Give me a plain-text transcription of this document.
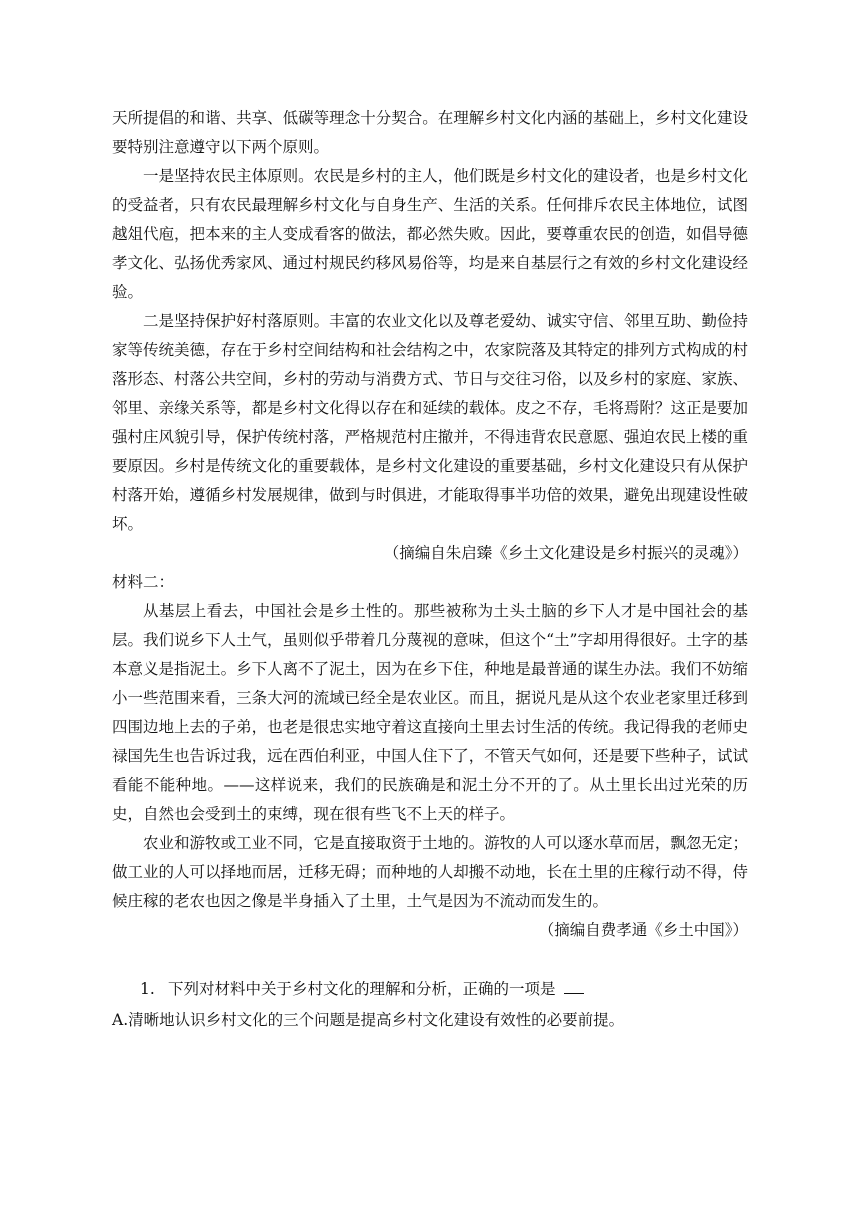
天所提倡的和谐、共享、低碳等理念十分契合。在理解乡村文化内涵的基础上，乡村文化建设要特别注意遵守以下两个原则。

一是坚持农民主体原则。农民是乡村的主人，他们既是乡村文化的建设者，也是乡村文化的受益者，只有农民最理解乡村文化与自身生产、生活的关系。任何排斥农民主体地位，试图越俎代庖，把本来的主人变成看客的做法，都必然失败。因此，要尊重农民的创造，如倡导德孝文化、弘扬优秀家风、通过村规民约移风易俗等，均是来自基层行之有效的乡村文化建设经验。

二是坚持保护好村落原则。丰富的农业文化以及尊老爱幼、诚实守信、邻里互助、勤俭持家等传统美德，存在于乡村空间结构和社会结构之中，农家院落及其特定的排列方式构成的村落形态、村落公共空间，乡村的劳动与消费方式、节日与交往习俗，以及乡村的家庭、家族、邻里、亲缘关系等，都是乡村文化得以存在和延续的载体。皮之不存，毛将焉附？这正是要加强村庄风貌引导，保护传统村落，严格规范村庄撤并，不得违背农民意愿、强迫农民上楼的重要原因。乡村是传统文化的重要载体，是乡村文化建设的重要基础，乡村文化建设只有从保护村落开始，遵循乡村发展规律，做到与时俱进，才能取得事半功倍的效果，避免出现建设性破坏。

（摘编自朱启臻《乡土文化建设是乡村振兴的灵魂》）

材料二：

从基层上看去，中国社会是乡土性的。那些被称为土头土脑的乡下人才是中国社会的基层。我们说乡下人土气，虽则似乎带着几分蔑视的意味，但这个“土”字却用得很好。土字的基本意义是指泥土。乡下人离不了泥土，因为在乡下住，种地是最普通的谋生办法。我们不妨缩小一些范围来看，三条大河的流域已经全是农业区。而且，据说凡是从这个农业老家里迁移到四围边地上去的子弟，也老是很忠实地守着这直接向土里去讨生活的传统。我记得我的老师史禄国先生也告诉过我，远在西伯利亚，中国人住下了，不管天气如何，还是要下些种子，试试看能不能种地。——这样说来，我们的民族确是和泥土分不开的了。从土里长出过光荣的历史，自然也会受到土的束缚，现在很有些飞不上天的样子。

农业和游牧或工业不同，它是直接取资于土地的。游牧的人可以逐水草而居，飘忽无定；做工业的人可以择地而居，迁移无碍；而种地的人却搬不动地，长在土里的庄稼行动不得，侍候庄稼的老农也因之像是半身插入了土里，土气是因为不流动而发生的。

（摘编自费孝通《乡土中国》）

1. 下列对材料中关于乡村文化的理解和分析，正确的一项是

A.清晰地认识乡村文化的三个问题是提高乡村文化建设有效性的必要前提。
